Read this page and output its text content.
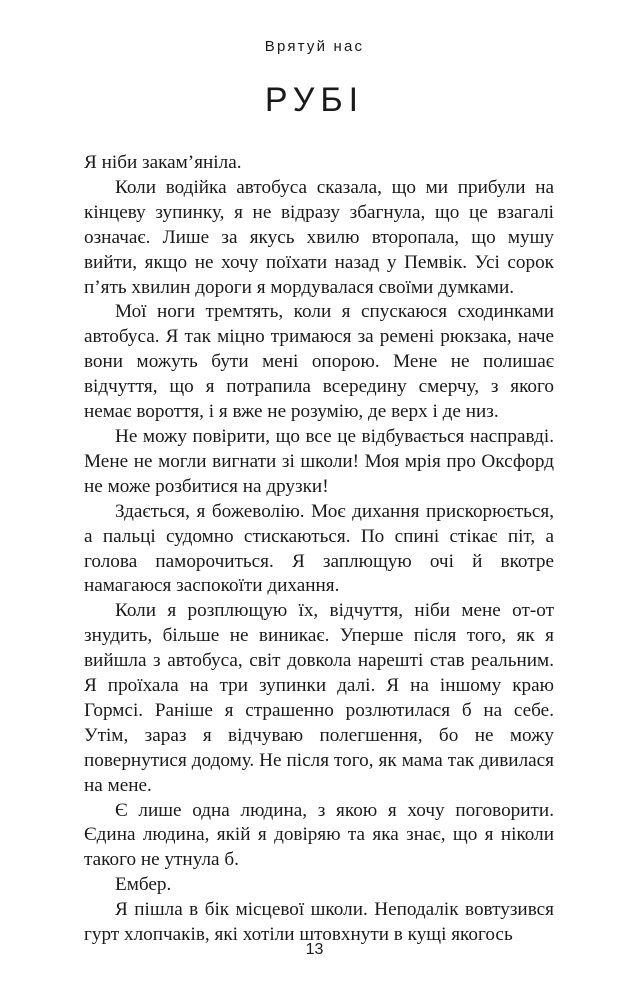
Врятуй нас
РУБІ

Я ніби закам’яніла.

Коли водійка автобуса сказала, що ми прибули на кінцеву зупинку, я не відразу збагнула, що це взагалі означає. Лише за якусь хвилю второпала, що мушу вийти, якщо не хочу поїхати назад у Пемвік. Усі сорок п’ять хвилин дороги я мордувалася своїми думками.

Мої ноги тремтять, коли я спускаюся сходинками автобуса. Я так міцно тримаюся за ремені рюкзака, наче вони можуть бути мені опорою. Мене не полишає відчуття, що я потрапила всередину смерчу, з якого немає вороття, і я вже не розумію, де верх і де низ.

Не можу повірити, що все це відбувається насправді. Мене не могли вигнати зі школи! Моя мрія про Оксфорд не може розбитися на друзки!

Здається, я божеволію. Моє дихання прискорюється, а пальці судомно стискаються. По спині стікає піт, а голова паморочиться. Я заплющую очі й вкотре намагаюся заспокоїти дихання.

Коли я розплющую їх, відчуття, ніби мене от-от знудить, більше не виникає. Уперше після того, як я вийшла з автобуса, світ довкола нарешті став реальним. Я проїхала на три зупинки далі. Я на іншому краю Гормсі. Раніше я страшенно розлютилася б на себе. Утім, зараз я відчуваю полегшення, бо не можу повернутися додому. Не після того, як мама так дивилася на мене.

Є лише одна людина, з якою я хочу поговорити. Єдина людина, якій я довіряю та яка знає, що я ніколи такого не утнула б.

Ембер.

Я пішла в бік місцевої школи. Неподалік вовтузився гурт хлопчаків, які хотіли штовхнути в кущі якогось

13
